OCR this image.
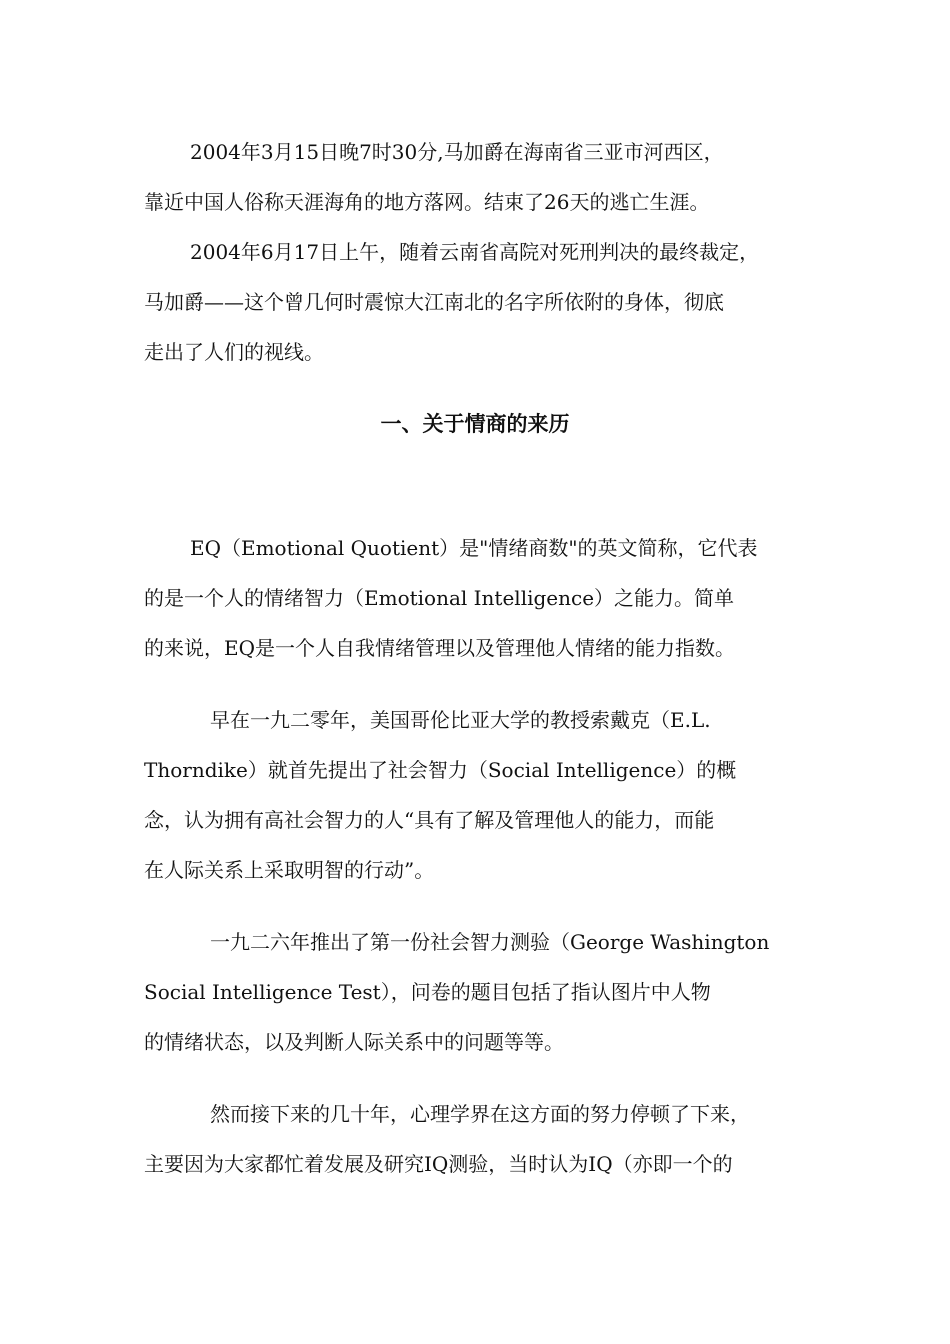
2004年3月15日晚7时30分,马加爵在海南省三亚市河西区，
靠近中国人俗称天涯海角的地方落网。结束了26天的逃亡生涯。
2004年6月17日上午，随着云南省高院对死刑判决的最终裁定，
马加爵——这个曾几何时震惊大江南北的名字所依附的身体，彻底
走出了人们的视线。
一、关于情商的来历
EQ（Emotional Quotient）是"情绪商数"的英文简称，它代表
的是一个人的情绪智力（Emotional Intelligence）之能力。简单
的来说，EQ是一个人自我情绪管理以及管理他人情绪的能力指数。
早在一九二零年，美国哥伦比亚大学的教授索戴克（E.L.
Thorndike）就首先提出了社会智力（Social Intelligence）的概
念，认为拥有高社会智力的人“具有了解及管理他人的能力，而能
在人际关系上采取明智的行动”。
一九二六年推出了第一份社会智力测验（George Washington
Social Intelligence Test），问卷的题目包括了指认图片中人物
的情绪状态，以及判断人际关系中的问题等等。
然而接下来的几十年，心理学界在这方面的努力停顿了下来，
主要因为大家都忙着发展及研究IQ测验，当时认为IQ（亦即一个的
